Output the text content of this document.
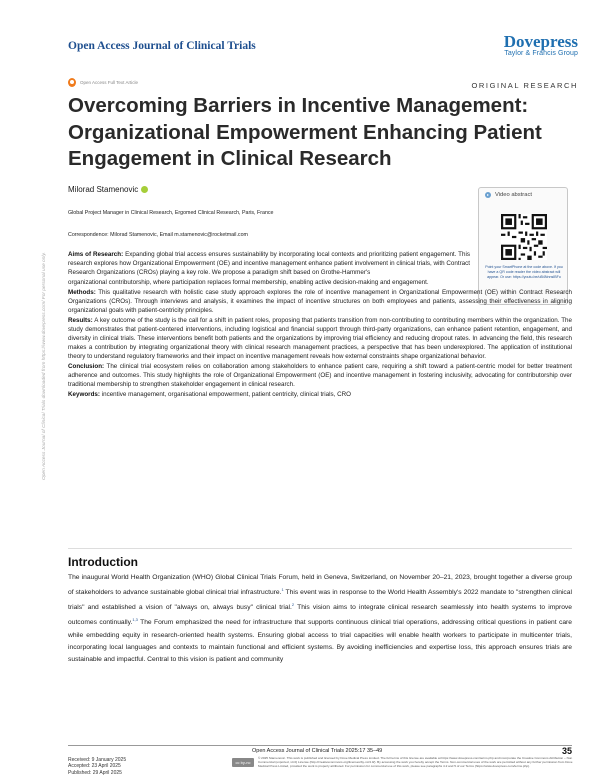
Open Access Journal of Clinical Trials	Dovepress
Taylor & Francis Group
Open Access Full Text Article	ORIGINAL RESEARCH
Overcoming Barriers in Incentive Management: Organizational Empowerment Enhancing Patient Engagement in Clinical Research
Milorad Stamenovic
Global Project Manager in Clinical Research, Ergomed Clinical Research, Paris, France
Correspondence: Milorad Stamenovic, Email m.stamenovic@rocketmail.com
Video abstract
Point your SmartPhone at the code above. If you have a QR code reader the video abstract will appear. Or use: https://youtu.be/uB4NnnsIBFo

Aims of Research: Expanding global trial access ensures sustainability by incorporating local contexts and prioritizing patient engagement. This research explores how Organizational Empowerment (OE) and incentive management enhance patient involvement in clinical trials, with Contract Research Organizations (CROs) playing a key role. We propose a paradigm shift based on Grothe-Hammer's

organizational contributorship, where participation replaces formal membership, enabling active decision-making and engagement.

Methods: This qualitative research with holistic case study approach explores the role of incentive management in Organizational Empowerment (OE) within Contract Research Organizations (CROs). Through interviews and analysis, it examines the impact of incentive structures on both employees and patients, assessing their effectiveness in aligning organizational goals with patient-centricity principles.

Results: A key outcome of the study is the call for a shift in patient roles, proposing that patients transition from non-contributing to contributing members within the organization. The study demonstrates that patient-centered interventions, including logistical and financial support through third-party organizations, can enhance patient retention, engagement, and diversity in clinical trials. These interventions benefit both patients and the organizations by improving trial efficiency and reducing dropout rates. In advancing the field, this research makes a contribution by integrating organizational theory with clinical research management practices, a perspective that has been underexplored. The application of institutional theory to understand regulatory frameworks and their impact on incentive management reveals how external constraints shape organizational behavior.

Conclusion: The clinical trial ecosystem relies on collaboration among stakeholders to enhance patient care, requiring a shift toward a patient-centric model for better treatment adherence and outcomes. This study highlights the role of Organizational Empowerment (OE) and incentive management in fostering inclusivity, advocating for contributorship over traditional membership to strengthen stakeholder engagement in clinical research.

Keywords: incentive management, organisational empowerment, patient centricity, clinical trials, CRO

Open Access Journal of Clinical Trials downloaded from https://www.dovepress.com/ For personal use only.
Introduction

The inaugural World Health Organization (WHO) Global Clinical Trials Forum, held in Geneva, Switzerland, on November 20–21, 2023, brought together a diverse group of stakeholders to advance sustainable global clinical trial infrastructure.$^1$ This event was in response to the World Health Assembly's 2022 mandate to "strengthen clinical trials" and established a vision of "always on, always busy" clinical trial.$^2$ This vision aims to integrate clinical research seamlessly into health systems to improve outcomes continually.$^{1,3}$ The Forum emphasized the need for infrastructure that supports continuous clinical trial operations, addressing critical questions in patient care while embedding equity in research-oriented health systems. Ensuring global access to trial capacities will enable health workers to participate in multicenter trials, incorporating local languages and contexts to maintain functional and efficient systems. By avoiding inefficiencies and expertise loss, this approach ensures trials are sustainable and impactful. Central to this vision is patient and community

Open Access Journal of Clinical Trials 2025:17 35–49	35
Received: 9 January 2025
Accepted: 23 April 2025
Published: 29 April 2025
cc by-nc
© 2025 Stamenovic. This work is published and licensed by Dove Medical Press Limited. The full terms of this license are available at https://www.dovepress.com/terms.php and incorporate the Creative Commons Attribution – Non Commercial (unported, v4.0) License (http://creativecommons.org/licenses/by-nc/4.0/). By accessing the work you hereby accept the Terms. Non-commercial uses of the work are permitted without any further permission from Dove Medical Press Limited, provided the work is properly attributed. For permission for commercial use of this work, please see paragraphs 4.2 and 5 of our Terms (https://www.dovepress.com/terms.php).
